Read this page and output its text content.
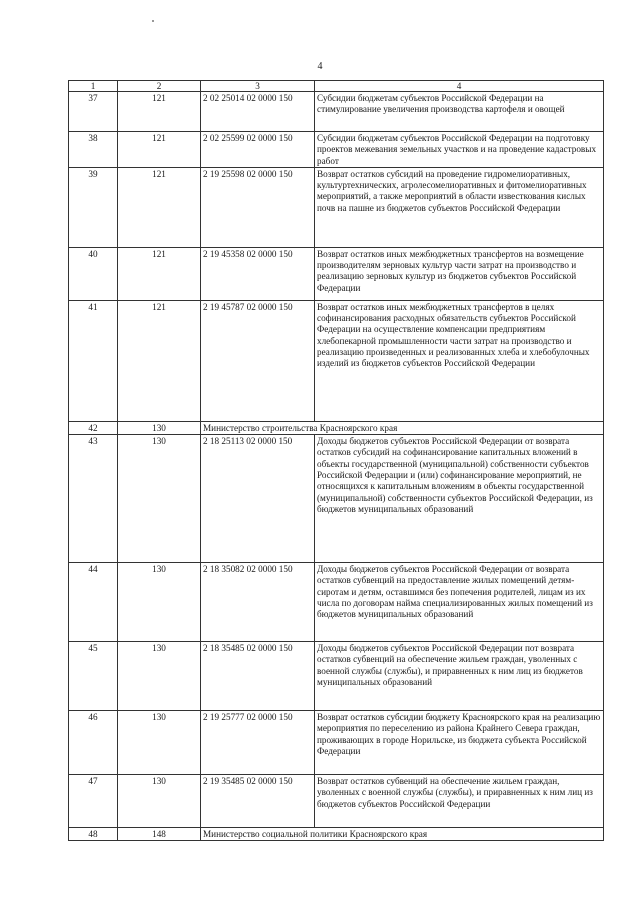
4
1	2	3	4
37	121	2 02 25014 02 0000 150	Субсидии бюджетам субъектов Российской Федерации на стимулирование увеличения производства картофеля и овощей
38	121	2 02 25599 02 0000 150	Субсидии бюджетам субъектов Российской Федерации на подготовку проектов межевания земельных участков и на проведение кадастровых работ
39	121	2 19 25598 02 0000 150	Возврат остатков субсидий на проведение гидромелиоративных, культуртехнических, агролесомелиоративных и фитомелиоративных мероприятий, а также мероприятий в области известкования кислых почв на пашне из бюджетов субъектов Российской Федерации
40	121	2 19 45358 02 0000 150	Возврат остатков иных межбюджетных трансфертов на возмещение производителям зерновых культур части затрат на производство и реализацию зерновых культур из бюджетов субъектов Российской Федерации
41	121	2 19 45787 02 0000 150	Возврат остатков иных межбюджетных трансфертов в целях софинансирования расходных обязательств субъектов Российской Федерации на осуществление компенсации предприятиям хлебопекарной промышленности части затрат на производство и реализацию произведенных и реализованных хлеба и хлебобулочных изделий из бюджетов субъектов Российской Федерации
42	130	Министерство строительства Красноярского края	
43	130	2 18 25113 02 0000 150	Доходы бюджетов субъектов Российской Федерации от возврата остатков субсидий на софинансирование капитальных вложений в объекты государственной (муниципальной) собственности субъектов Российской Федерации и (или) софинансирование мероприятий, не относящихся к капитальным вложениям в объекты государственной (муниципальной) собственности субъектов Российской Федерации, из бюджетов муниципальных образований
44	130	2 18 35082 02 0000 150	Доходы бюджетов субъектов Российской Федерации от возврата остатков субвенций на предоставление жилых помещений детям-сиротам и детям, оставшимся без попечения родителей, лицам из их числа по договорам найма специализированных жилых помещений из бюджетов муниципальных образований
45	130	2 18 35485 02 0000 150	Доходы бюджетов субъектов Российской Федерации пот возврата остатков субвенций на обеспечение жильем граждан, уволенных с военной службы (службы), и приравненных к ним лиц из бюджетов муниципальных образований
46	130	2 19 25777 02 0000 150	Возврат остатков субсидии бюджету Красноярского края на реализацию мероприятия по переселению из района Крайнего Севера граждан, проживающих в городе Норильске, из бюджета субъекта Российской Федерации
47	130	2 19 35485 02 0000 150	Возврат остатков субвенций на обеспечение жильем граждан, уволенных с военной службы (службы), и приравненных к ним лиц из бюджетов субъектов Российской Федерации
48	148	Министерство социальной политики Красноярского края	
